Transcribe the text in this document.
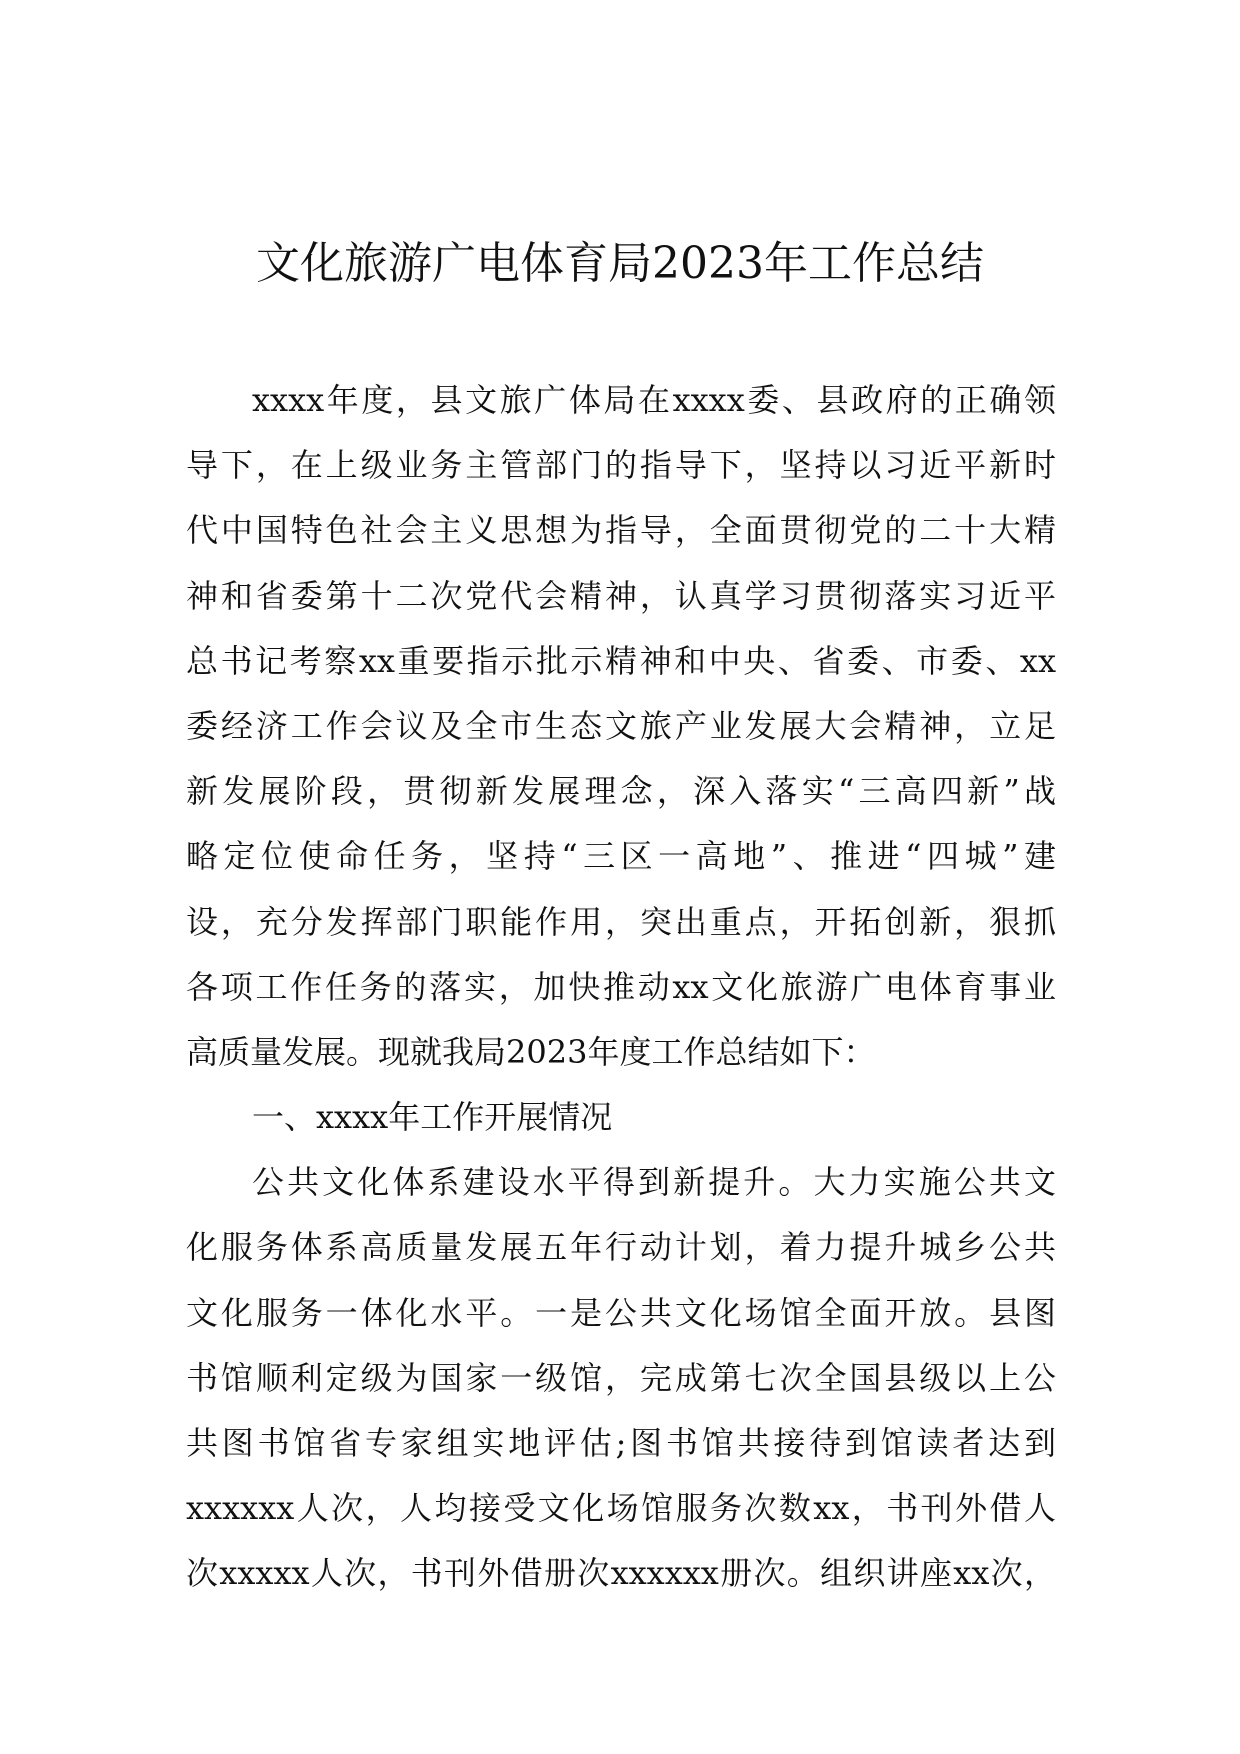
文化旅游广电体育局2023年工作总结
xxxx年度，县文旅广体局在xxxx委、县政府的正确领
导下，在上级业务主管部门的指导下，坚持以习近平新时
代中国特色社会主义思想为指导，全面贯彻党的二十大精
神和省委第十二次党代会精神，认真学习贯彻落实习近平
总书记考察xx重要指示批示精神和中央、省委、市委、xx
委经济工作会议及全市生态文旅产业发展大会精神，立足
新发展阶段，贯彻新发展理念，深入落实“三高四新”战
略定位使命任务，坚持“三区一高地”、推进“四城”建
设，充分发挥部门职能作用，突出重点，开拓创新，狠抓
各项工作任务的落实，加快推动xx文化旅游广电体育事业
高质量发展。现就我局2023年度工作总结如下：
一、xxxx年工作开展情况
公共文化体系建设水平得到新提升。大力实施公共文
化服务体系高质量发展五年行动计划，着力提升城乡公共
文化服务一体化水平。一是公共文化场馆全面开放。县图
书馆顺利定级为国家一级馆，完成第七次全国县级以上公
共图书馆省专家组实地评估;图书馆共接待到馆读者达到
xxxxxx人次，人均接受文化场馆服务次数xx，书刊外借人
次xxxxx人次，书刊外借册次xxxxxx册次。组织讲座xx次，
